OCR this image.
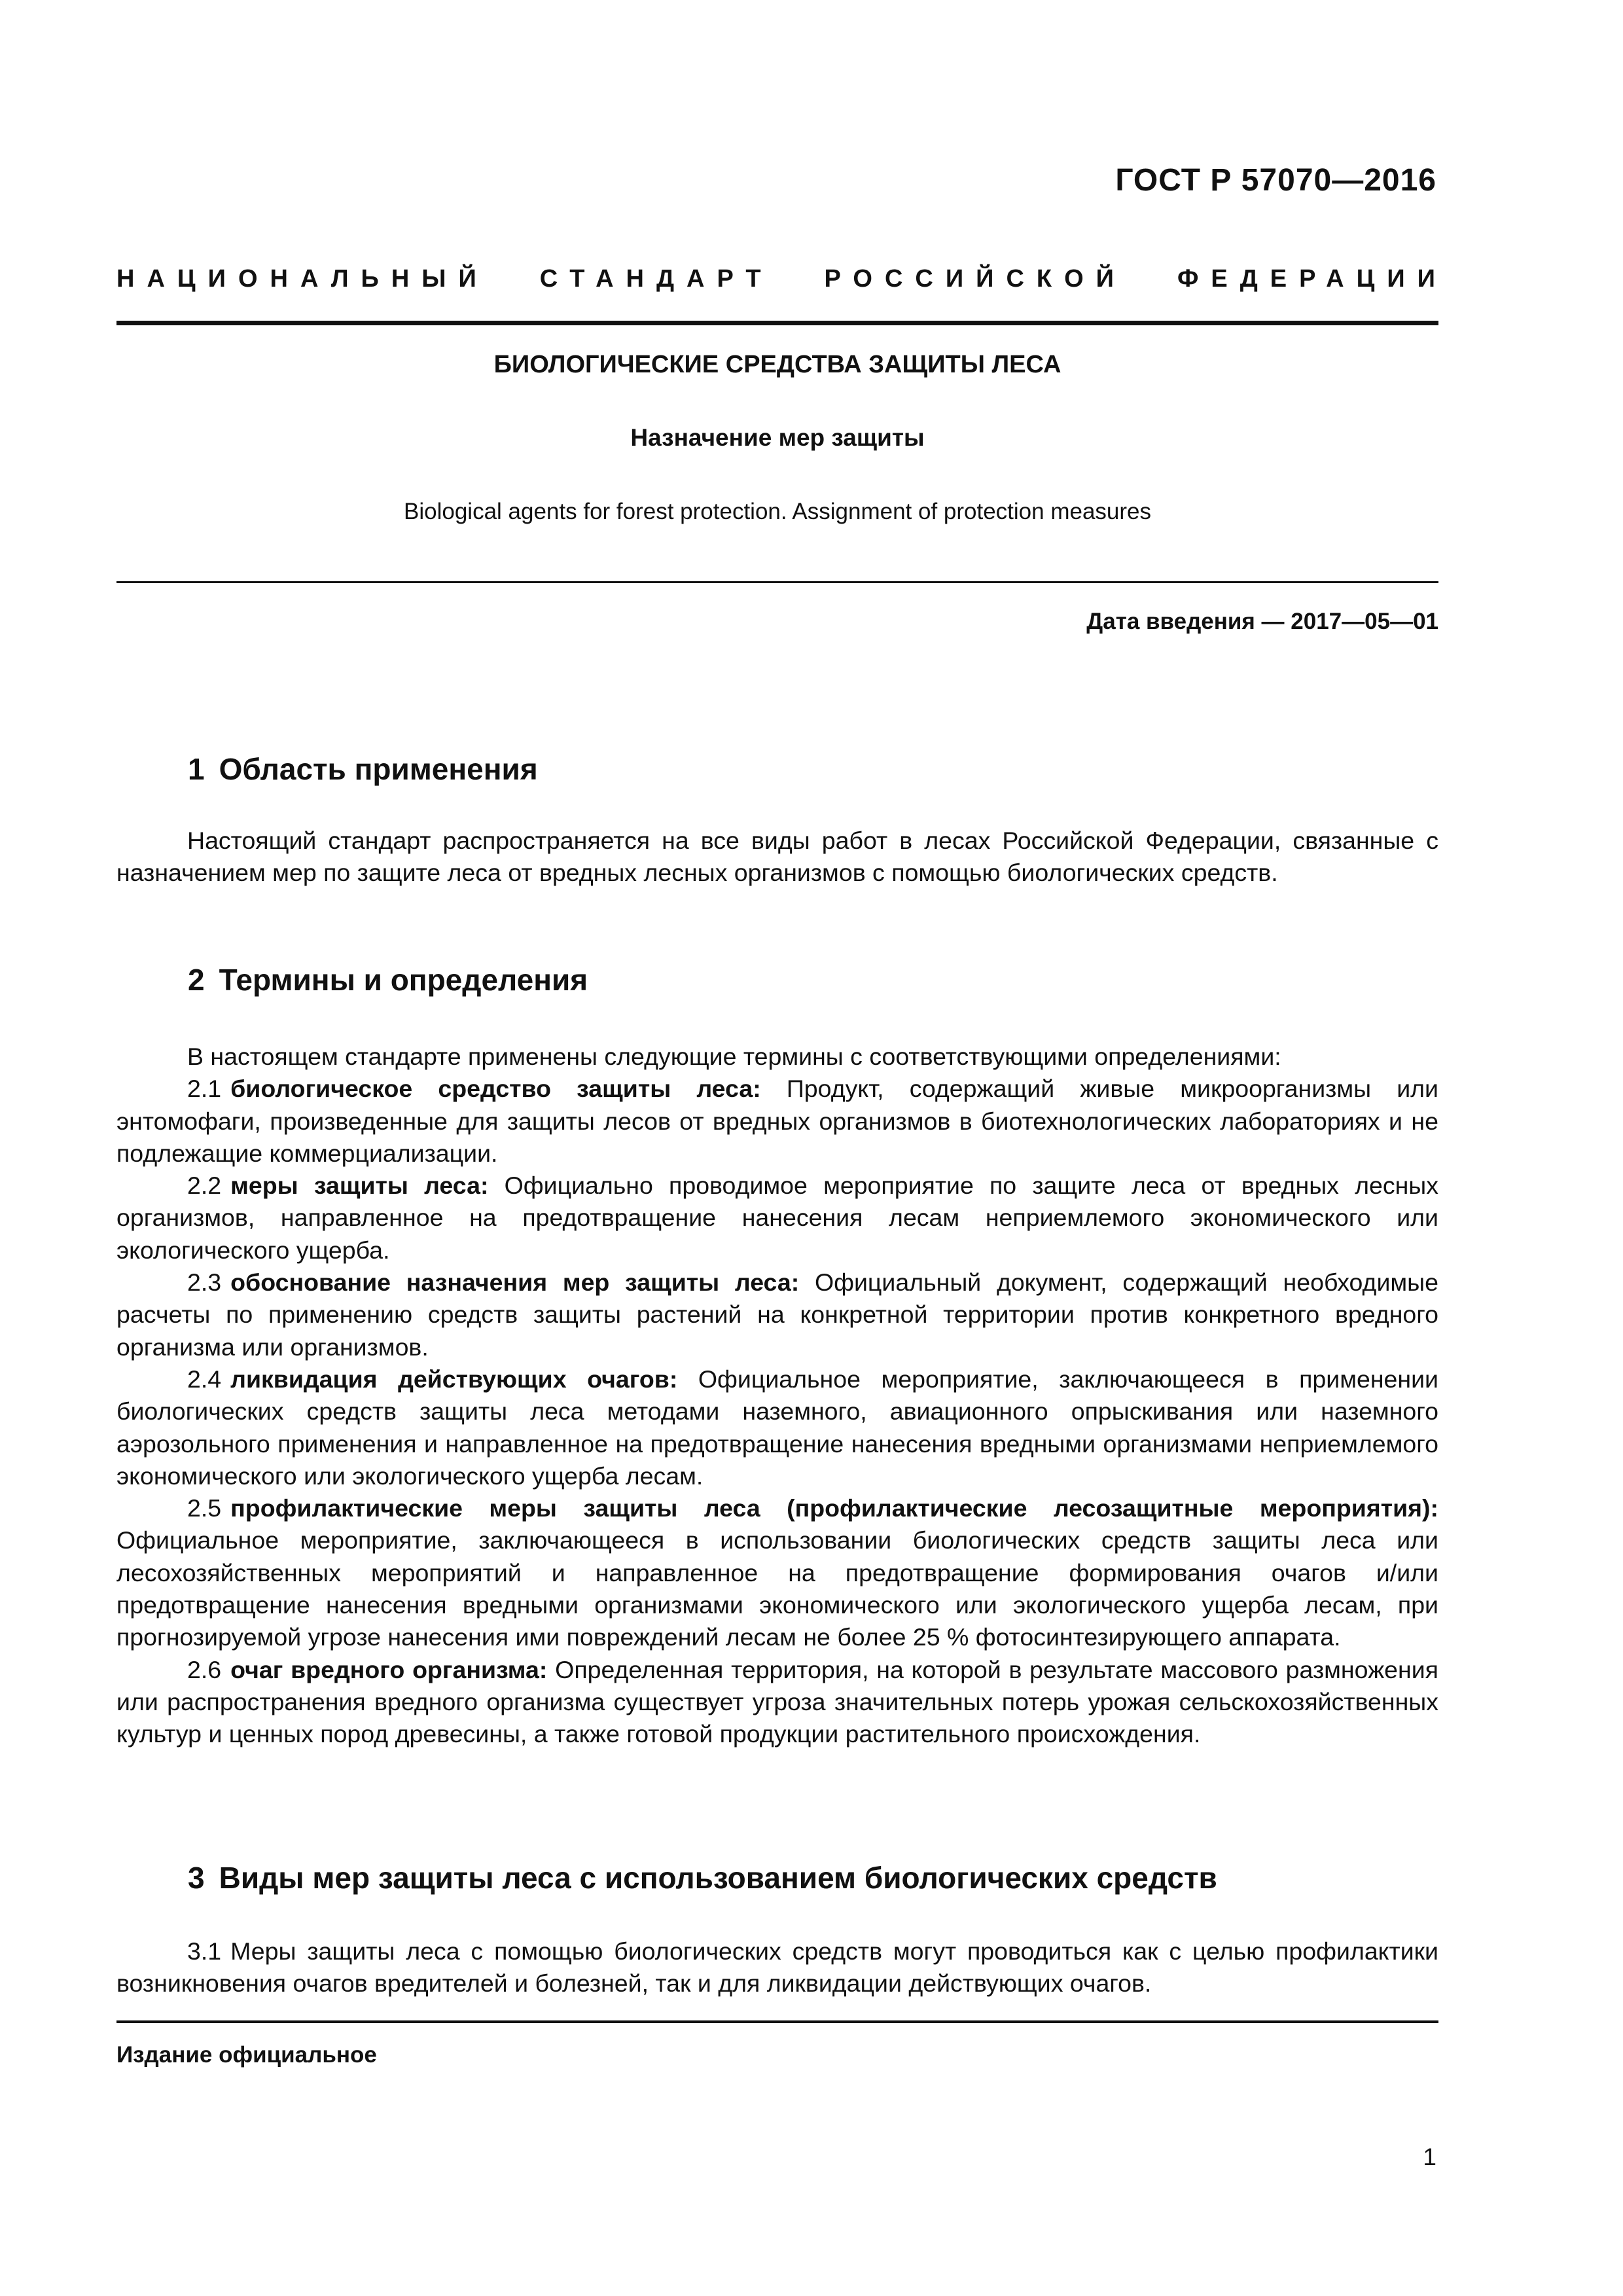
ГОСТ Р 57070—2016
НАЦИОНАЛЬНЫЙ СТАНДАРТ РОССИЙСКОЙ ФЕДЕРАЦИИ
БИОЛОГИЧЕСКИЕ СРЕДСТВА ЗАЩИТЫ ЛЕСА
Назначение мер защиты
Biological agents for forest protection. Assignment of protection measures
Дата введения — 2017—05—01
1 Область применения

Настоящий стандарт распространяется на все виды работ в лесах Российской Федерации, связанные с назначением мер по защите леса от вредных лесных организмов с помощью биологических средств.

2 Термины и определения

В настоящем стандарте применены следующие термины с соответствующими определениями:

2.1 биологическое средство защиты леса: Продукт, содержащий живые микроорганизмы или энтомофаги, произведенные для защиты лесов от вредных организмов в биотехнологических лабораториях и не подлежащие коммерциализации.

2.2 меры защиты леса: Официально проводимое мероприятие по защите леса от вредных лесных организмов, направленное на предотвращение нанесения лесам неприемлемого экономического или экологического ущерба.

2.3 обоснование назначения мер защиты леса: Официальный документ, содержащий необходимые расчеты по применению средств защиты растений на конкретной территории против конкретного вредного организма или организмов.

2.4 ликвидация действующих очагов: Официальное мероприятие, заключающееся в применении биологических средств защиты леса методами наземного, авиационного опрыскивания или наземного аэрозольного применения и направленное на предотвращение нанесения вредными организмами неприемлемого экономического или экологического ущерба лесам.

2.5 профилактические меры защиты леса (профилактические лесозащитные мероприятия): Официальное мероприятие, заключающееся в использовании биологических средств защиты леса или лесохозяйственных мероприятий и направленное на предотвращение формирования очагов и/или предотвращение нанесения вредными организмами экономического или экологического ущерба лесам, при прогнозируемой угрозе нанесения ими повреждений лесам не более 25 % фотосинтезирующего аппарата.

2.6 очаг вредного организма: Определенная территория, на которой в результате массового размножения или распространения вредного организма существует угроза значительных потерь урожая сельскохозяйственных культур и ценных пород древесины, а также готовой продукции растительного происхождения.

3 Виды мер защиты леса с использованием биологических средств

3.1 Меры защиты леса с помощью биологических средств могут проводиться как с целью профилактики возникновения очагов вредителей и болезней, так и для ликвидации действующих очагов.

Издание официальное
1
